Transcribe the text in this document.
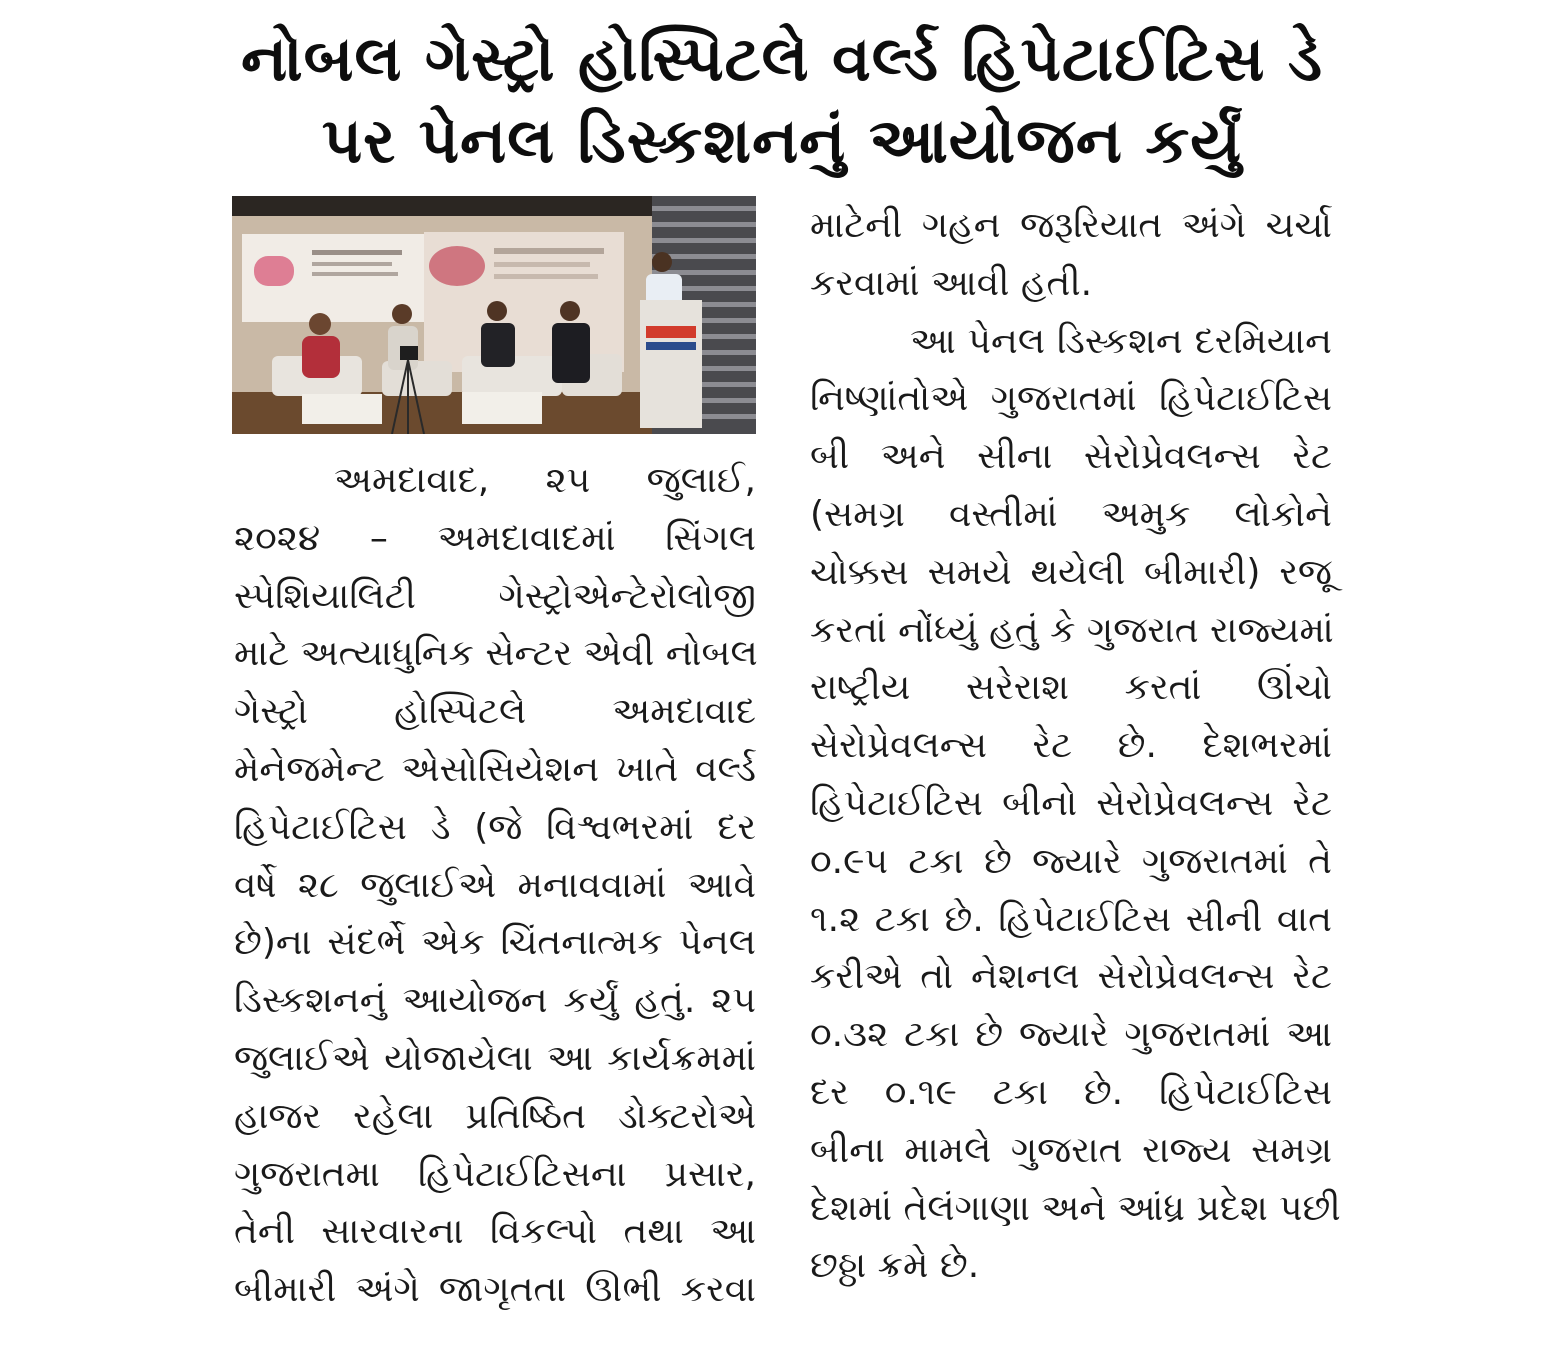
નોબલ ગેસ્ટ્રો હોસ્પિટલે વર્લ્ડ હિપેટાઈટિસ ડે
પર પેનલ ડિસ્કશનનું આયોજન કર્યું
અમદાવાદ, ૨૫ જુલાઈ,
૨૦૨૪ – અમદાવાદમાં સિંગલ
સ્પેશિયાલિટી ગેસ્ટ્રોએન્ટેરોલોજી
માટે અત્યાધુનિક સેન્ટર એવી નોબલ
ગેસ્ટ્રો હોસ્પિટલે અમદાવાદ
મેનેજમેન્ટ એસોસિયેશન ખાતે વર્લ્ડ
હિપેટાઈટિસ ડે (જે વિશ્વભરમાં દર
વર્ષે ૨૮ જુલાઈએ મનાવવામાં આવે
છે)ના સંદર્ભે એક ચિંતનાત્મક પેનલ
ડિસ્કશનનું આયોજન કર્યું હતું. ૨૫
જુલાઈએ યોજાયેલા આ કાર્યક્રમમાં
હાજર રહેલા પ્રતિષ્ઠિત ડોક્ટરોએ
ગુજરાતમા હિપેટાઈટિસના પ્રસાર,
તેની સારવારના વિકલ્પો તથા આ
બીમારી અંગે જાગૃતતા ઊભી કરવા
માટેની ગહન જરૂરિયાત અંગે ચર્ચા
કરવામાં આવી હતી.
આ પેનલ ડિસ્કશન દરમિયાન
નિષ્ણાંતોએ ગુજરાતમાં હિપેટાઈટિસ
બી અને સીના સેરોપ્રેવલન્સ રેટ
(સમગ્ર વસ્તીમાં અમુક લોકોને
ચોક્કસ સમયે થયેલી બીમારી) રજૂ
કરતાં નોંધ્યું હતું કે ગુજરાત રાજ્યમાં
રાષ્ટ્રીય સરેરાશ કરતાં ઊંચો
સેરોપ્રેવલન્સ રેટ છે. દેશભરમાં
હિપેટાઈટિસ બીનો સેરોપ્રેવલન્સ રેટ
૦.૯૫ ટકા છે જ્યારે ગુજરાતમાં તે
૧.૨ ટકા છે. હિપેટાઈટિસ સીની વાત
કરીએ તો નેશનલ સેરોપ્રેવલન્સ રેટ
૦.૩૨ ટકા છે જ્યારે ગુજરાતમાં આ
દર ૦.૧૯ ટકા છે. હિપેટાઈટિસ
બીના મામલે ગુજરાત રાજ્ય સમગ્ર
દેશમાં તેલંગાણા અને આંધ્ર પ્રદેશ પછી
છઠ્ઠા ક્રમે છે.
